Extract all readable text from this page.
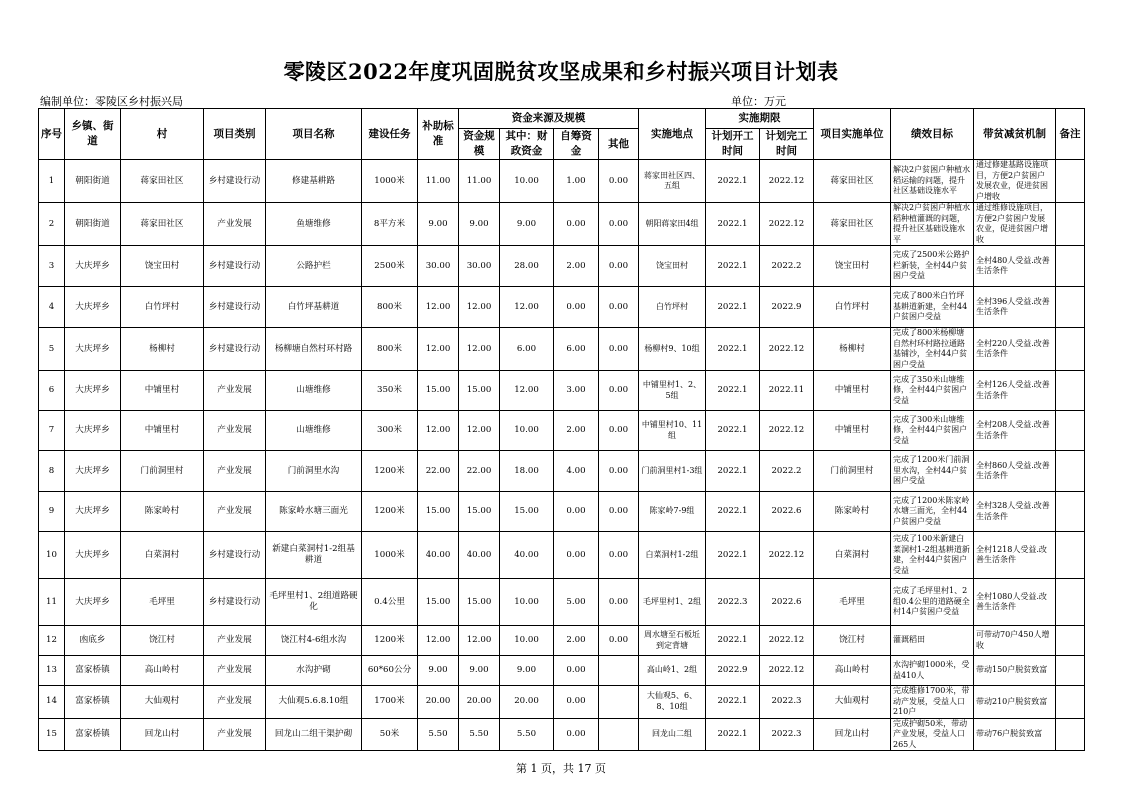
零陵区2022年度巩固脱贫攻坚成果和乡村振兴项目计划表
编制单位：零陵区乡村振兴局	单位：万元
序号	乡镇、街道	村	项目类别	项目名称	建设任务	补助标准	资金来源及规模				实施地点	实施期限		项目实施单位	绩效目标	带贫减贫机制	备注
							资金规模	其中：财政资金	自筹资金	其他		计划开工时间	计划完工时间				
1	朝阳街道	蒋家田社区	乡村建设行动	修建基耕路	1000米	11.00	11.00	10.00	1.00	0.00	蒋家田社区四、五组	2022.1	2022.12	蒋家田社区	解决2户贫困户种植水稻运输的问题，提升社区基础设施水平	通过修建基路设施项目，方便2户贫困户发展农业，促进贫困户增收	
2	朝阳街道	蒋家田社区	产业发展	鱼塘维修	8平方米	9.00	9.00	9.00	0.00	0.00	朝阳蒋家田4组	2022.1	2022.12	蒋家田社区	解决2户贫困户种植水稻种植灌溉的问题，提升社区基础设施水平	通过维修设施项目，方便2户贫困户发展农业，促进贫困户增收	
3	大庆坪乡	饶宝田村	乡村建设行动	公路护栏	2500米	30.00	30.00	28.00	2.00	0.00	饶宝田村	2022.1	2022.2	饶宝田村	完成了2500米公路护栏新装，全村44户贫困户受益	全村480人受益.改善生活条件	
4	大庆坪乡	白竹坪村	乡村建设行动	白竹坪基耕道	800米	12.00	12.00	12.00	0.00	0.00	白竹坪村	2022.1	2022.9	白竹坪村	完成了800米白竹坪基耕道新建，全村44户贫困户受益	全村396人受益.改善生活条件	
5	大庆坪乡	杨柳村	乡村建设行动	杨柳塘自然村环村路	800米	12.00	12.00	6.00	6.00	0.00	杨柳村9、10组	2022.1	2022.12	杨柳村	完成了800米杨柳塘自然村环村路拉通路基铺沙，全村44户贫困户受益	全村220人受益.改善生活条件	
6	大庆坪乡	中铺里村	产业发展	山塘维修	350米	15.00	15.00	12.00	3.00	0.00	中铺里村1、2、5组	2022.1	2022.11	中铺里村	完成了350米山塘维修，全村44户贫困户受益	全村126人受益.改善生活条件	
7	大庆坪乡	中铺里村	产业发展	山塘维修	300米	12.00	12.00	10.00	2.00	0.00	中铺里村10、11组	2022.1	2022.12	中铺里村	完成了300米山塘维修，全村44户贫困户受益	全村208人受益.改善生活条件	
8	大庆坪乡	门前洞里村	产业发展	门前洞里水沟	1200米	22.00	22.00	18.00	4.00	0.00	门前洞里村1-3组	2022.1	2022.2	门前洞里村	完成了1200米门前洞里水沟，全村44户贫困户受益	全村860人受益.改善生活条件	
9	大庆坪乡	陈家岭村	产业发展	陈家岭水塘三面光	1200米	15.00	15.00	15.00	0.00	0.00	陈家岭7-9组	2022.1	2022.6	陈家岭村	完成了1200米陈家岭水塘三面光，全村44户贫困户受益	全村328人受益.改善生活条件	
10	大庆坪乡	白菜洞村	乡村建设行动	新建白菜洞村1-2组基耕道	1000米	40.00	40.00	40.00	0.00	0.00	白菜洞村1-2组	2022.1	2022.12	白菜洞村	完成了100米新建白菜洞村1-2组基耕道新建，全村44户贫困户受益	全村1218人受益.改善生活条件	
11	大庆坪乡	毛坪里	乡村建设行动	毛坪里村1、2组道路硬化	0.4公里	15.00	15.00	10.00	5.00	0.00	毛坪里村1、2组	2022.3	2022.6	毛坪里	完成了毛坪里村1、2组0.4公里的道路硬全村14户贫困户受益	全村1080人受益.改善生活条件	
12	凼底乡	饶江村	产业发展	饶江村4-6组水沟	1200米	12.00	12.00	10.00	2.00	0.00	周水塘至石板坵到定背塘	2022.1	2022.12	饶江村	灌溉稻田	可带动70户450人增收	
13	富家桥镇	高山岭村	产业发展	水沟护砌	60*60公分	9.00	9.00	9.00	0.00		高山岭1、2组	2022.9	2022.12	高山岭村	水沟护砌1000米，受益410人	带动150户脱贫致富	
14	富家桥镇	大仙观村	产业发展	大仙观5.6.8.10组	1700米	20.00	20.00	20.00	0.00		大仙观5、6、8、10组	2022.1	2022.3	大仙观村	完成维修1700米，带动产发展，受益人口210户	带动210户脱贫致富	
15	富家桥镇	回龙山村	产业发展	回龙山二组干渠护砌	50米	5.50	5.50	5.50	0.00		回龙山二组	2022.1	2022.3	回龙山村	完成护砌50米，带动产业发展，受益人口265人	带动76户脱贫致富	
第 1 页，共 17 页
